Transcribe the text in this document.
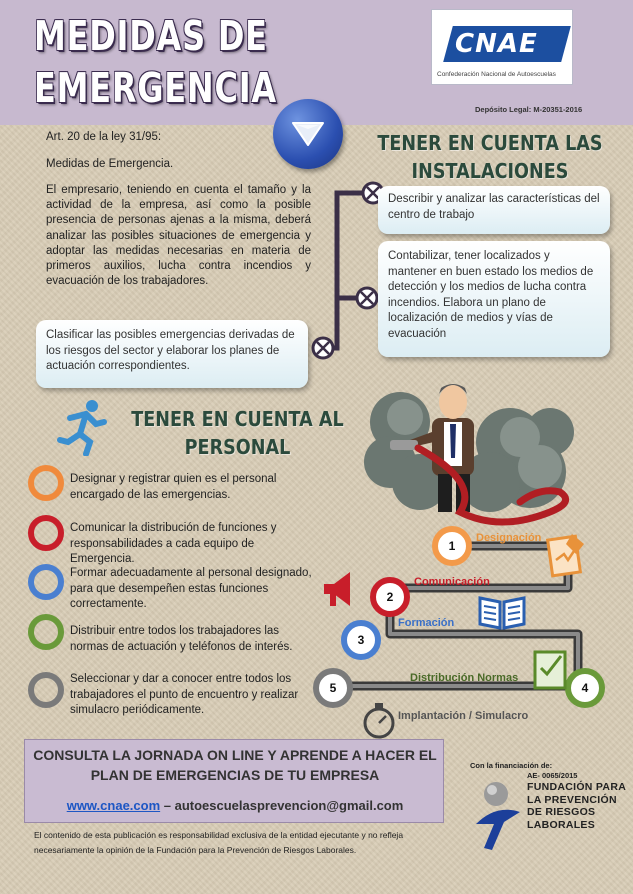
MEDIDAS DE
EMERGENCIA
CNAE
Confederación Nacional de Autoescuelas
Depósito Legal: M-20351-2016
Art. 20 de la ley 31/95:
Medidas de Emergencia.
El empresario, teniendo en cuenta el tamaño y la actividad de la empresa, así como la posible presencia de personas ajenas a la misma, deberá analizar las posibles situaciones de emergencia y adoptar las medidas necesarias en materia de primeros auxilios, lucha contra incendios y evacuación de los trabajadores.
TENER EN CUENTA LAS
INSTALACIONES
Describir y analizar las características del centro de trabajo
Contabilizar, tener localizados y mantener en buen estado los medios de detección y los medios de lucha contra incendios. Elabora un plano de localización de medios y vías de evacuación
Clasificar las posibles emergencias derivadas de los riesgos del sector y elaborar los planes de actuación correspondientes.
TENER EN CUENTA AL
PERSONAL
Designar y registrar quien es el personal encargado de las emergencias.
Comunicar la distribución de funciones y responsabilidades a cada equipo de Emergencia.
Formar adecuadamente al personal designado, para que desempeñen estas funciones correctamente.
Distribuir entre todos los trabajadores las normas de actuación y teléfonos de interés.
Seleccionar y dar a conocer entre todos los trabajadores el punto de encuentro y realizar simulacro periódicamente.
1
Designación
2
Comunicación
3
Formación
4
Distribución Normas
5
Implantación / Simulacro
CONSULTA LA JORNADA ON LINE Y APRENDE A HACER EL PLAN DE EMERGENCIAS DE TU EMPRESA
www.cnae.com – autoescuelasprevencion@gmail.com
El contenido de esta publicación es responsabilidad exclusiva de la entidad ejecutante y no refleja necesariamente la opinión de la Fundación para la Prevención de Riesgos Laborales.
Con la financiación de:
AE- 0065/2015
FUNDACIÓN PARA LA PREVENCIÓN DE RIESGOS LABORALES
